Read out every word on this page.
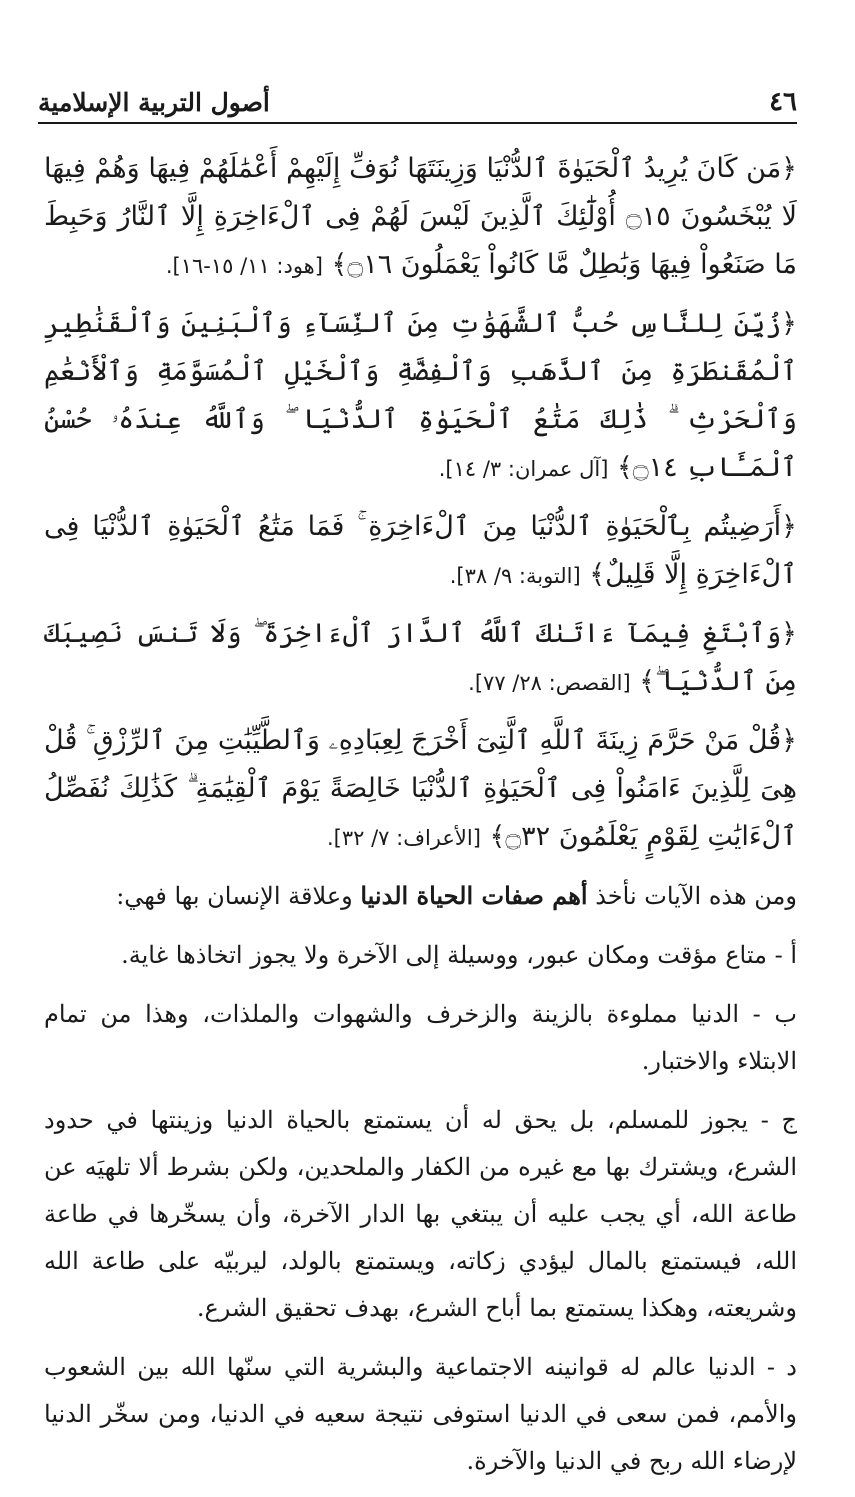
٤٦
أصول التربية الإسلامية

﴿مَن كَانَ يُرِيدُ ٱلْحَيَوٰةَ ٱلدُّنْيَا وَزِينَتَهَا نُوَفِّ إِلَيْهِمْ أَعْمَٰلَهُمْ فِيهَا وَهُمْ فِيهَا لَا يُبْخَسُونَ ۝١٥ أُوْلَٰٓئِكَ ٱلَّذِينَ لَيْسَ لَهُمْ فِى ٱلْءَاخِرَةِ إِلَّا ٱلنَّارُ وَحَبِطَ مَا صَنَعُواْ فِيهَا وَبَٰطِلٌ مَّا كَانُواْ يَعْمَلُونَ ۝١٦﴾ [هود: ١١/ ١٥-١٦].

﴿زُيِّنَ لِلنَّاسِ حُبُّ ٱلشَّهَوَٰتِ مِنَ ٱلنِّسَآءِ وَٱلْبَنِينَ وَٱلْقَنَٰطِيرِ ٱلْمُقَنطَرَةِ مِنَ ٱلذَّهَبِ وَٱلْفِضَّةِ وَٱلْخَيْلِ ٱلْمُسَوَّمَةِ وَٱلْأَنْعَٰمِ وَٱلْحَرْثِ ۗ ذَٰلِكَ مَتَٰعُ ٱلْحَيَوٰةِ ٱلدُّنْيَا ۖ وَٱللَّهُ عِندَهُۥ حُسْنُ ٱلْمَـَٔابِ ۝١٤﴾ [آل عمران: ٣/ ١٤].

﴿أَرَضِيتُم بِٱلْحَيَوٰةِ ٱلدُّنْيَا مِنَ ٱلْءَاخِرَةِ ۚ فَمَا مَتَٰعُ ٱلْحَيَوٰةِ ٱلدُّنْيَا فِى ٱلْءَاخِرَةِ إِلَّا قَلِيلٌ﴾ [التوبة: ٩/ ٣٨].

﴿وَٱبْتَغِ فِيمَآ ءَاتَىٰكَ ٱللَّهُ ٱلدَّارَ ٱلْءَاخِرَةَ ۖ وَلَا تَنسَ نَصِيبَكَ مِنَ ٱلدُّنْيَا ۖ﴾ [القصص: ٢٨/ ٧٧].

﴿قُلْ مَنْ حَرَّمَ زِينَةَ ٱللَّهِ ٱلَّتِىٓ أَخْرَجَ لِعِبَادِهِۦ وَٱلطَّيِّبَٰتِ مِنَ ٱلرِّزْقِ ۚ قُلْ هِىَ لِلَّذِينَ ءَامَنُواْ فِى ٱلْحَيَوٰةِ ٱلدُّنْيَا خَالِصَةً يَوْمَ ٱلْقِيَٰمَةِ ۗ كَذَٰلِكَ نُفَصِّلُ ٱلْءَايَٰتِ لِقَوْمٍ يَعْلَمُونَ ۝٣٢﴾ [الأعراف: ٧/ ٣٢].

ومن هذه الآيات نأخذ أهم صفات الحياة الدنيا وعلاقة الإنسان بها فهي:

أ - متاع مؤقت ومكان عبور، ووسيلة إلى الآخرة ولا يجوز اتخاذها غاية.

ب - الدنيا مملوءة بالزينة والزخرف والشهوات والملذات، وهذا من تمام الابتلاء والاختبار.

ج - يجوز للمسلم، بل يحق له أن يستمتع بالحياة الدنيا وزينتها في حدود الشرع، ويشترك بها مع غيره من الكفار والملحدين، ولكن بشرط ألا تلهيَه عن طاعة الله، أي يجب عليه أن يبتغي بها الدار الآخرة، وأن يسخّرها في طاعة الله، فيستمتع بالمال ليؤدي زكاته، ويستمتع بالولد، ليربيّه على طاعة الله وشريعته، وهكذا يستمتع بما أباح الشرع، بهدف تحقيق الشرع.

د - الدنيا عالم له قوانينه الاجتماعية والبشرية التي سنّها الله بين الشعوب والأمم، فمن سعى في الدنيا استوفى نتيجة سعيه في الدنيا، ومن سخّر الدنيا لإرضاء الله ربح في الدنيا والآخرة.
